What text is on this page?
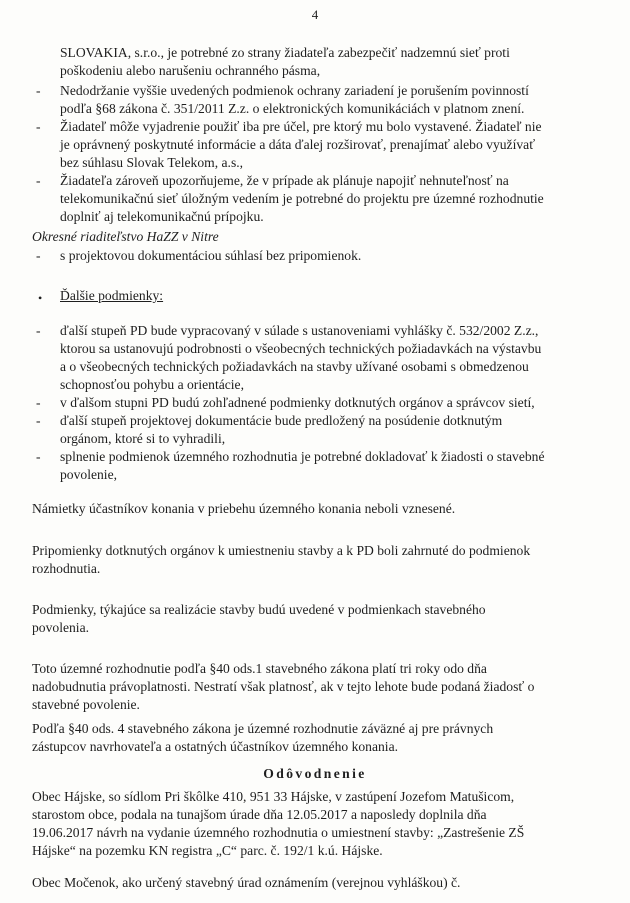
4
SLOVAKIA, s.r.o., je potrebné zo strany žiadateľa zabezpečiť nadzemnú sieť proti
poškodeniu alebo narušeniu ochranného pásma,
- Nedodržanie vyššie uvedených podmienok ochrany zariadení je porušením povinností
podľa §68 zákona č. 351/2011 Z.z. o elektronických komunikáciách v platnom znení.
- Žiadateľ môže vyjadrenie použiť iba pre účel, pre ktorý mu bolo vystavené. Žiadateľ nie
je oprávnený poskytnuté informácie a dáta ďalej rozširovať, prenajímať alebo využívať
bez súhlasu Slovak Telekom, a.s.,
- Žiadateľa zároveň upozorňujeme, že v prípade ak plánuje napojiť nehnuteľnosť na
telekomunikačnú sieť úložným vedením je potrebné do projektu pre územné rozhodnutie
doplniť aj telekomunikačnú prípojku.
Okresné riaditeľstvo HaZZ v Nitre
- s projektovou dokumentáciou súhlasí bez pripomienok.
• Ďalšie podmienky:
- ďalší stupeň PD bude vypracovaný v súlade s ustanoveniami vyhlášky č. 532/2002 Z.z.,
ktorou sa ustanovujú podrobnosti o všeobecných technických požiadavkách na výstavbu
a o všeobecných technických požiadavkách na stavby užívané osobami s obmedzenou
schopnosťou pohybu a orientácie,
- v ďalšom stupni PD budú zohľadnené podmienky dotknutých orgánov a správcov sietí,
- ďalší stupeň projektovej dokumentácie bude predložený na posúdenie dotknutým
orgánom, ktoré si to vyhradili,
- splnenie podmienok územného rozhodnutia je potrebné dokladovať k žiadosti o stavebné
povolenie,
Námietky účastníkov konania v priebehu územného konania neboli vznesené.
Pripomienky dotknutých orgánov k umiestneniu stavby a k PD boli zahrnuté do podmienok
rozhodnutia.
Podmienky, týkajúce sa realizácie stavby budú uvedené v podmienkach stavebného
povolenia.
Toto územné rozhodnutie podľa §40 ods.1 stavebného zákona platí tri roky odo dňa
nadobudnutia právoplatnosti. Nestratí však platnosť, ak v tejto lehote bude podaná žiadosť o
stavebné povolenie.
Podľa §40 ods. 4 stavebného zákona je územné rozhodnutie záväzné aj pre právnych
zástupcov navrhovateľa a ostatných účastníkov územného konania.
Odôvodnenie
Obec Hájske, so sídlom Pri škôlke 410, 951 33 Hájske, v zastúpení Jozefom Matušicom,
starostom obce, podala na tunajšom úrade dňa 12.05.2017 a naposledy doplnila dňa
19.06.2017 návrh na vydanie územného rozhodnutia o umiestnení stavby: „Zastrešenie ZŠ
Hájske“ na pozemku KN registra „C“ parc. č. 192/1 k.ú. Hájske.
Obec Močenok, ako určený stavebný úrad oznámením (verejnou vyhláškou) č.
